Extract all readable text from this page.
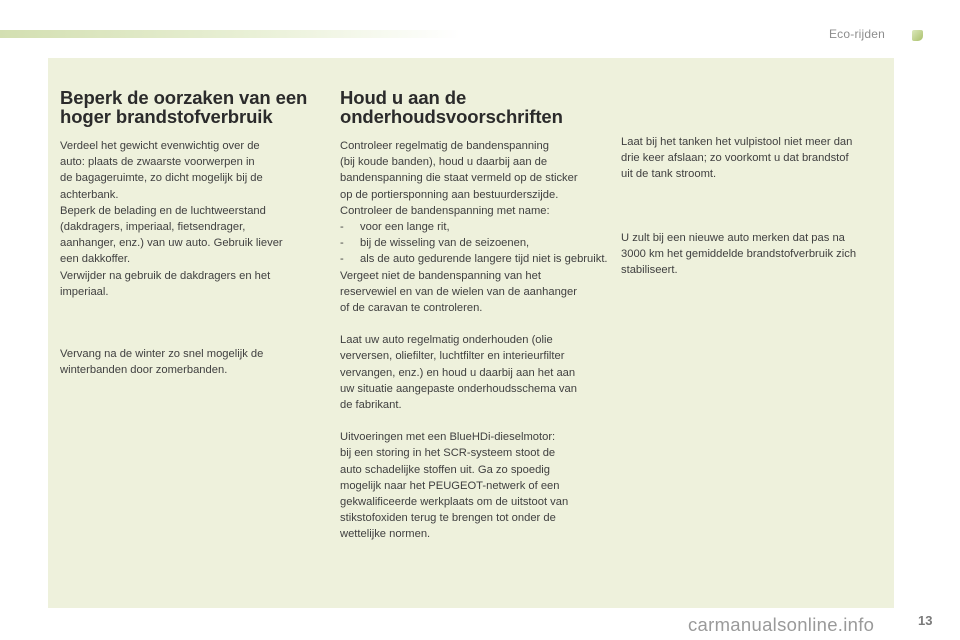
Eco-rijden
Beperk de oorzaken van een
hoger brandstofverbruik

Verdeel het gewicht evenwichtig over de
auto: plaats de zwaarste voorwerpen in
de bagageruimte, zo dicht mogelijk bij de
achterbank.
Beperk de belading en de luchtweerstand
(dakdragers, imperiaal, fietsendrager,
aanhanger, enz.) van uw auto. Gebruik liever
een dakkoffer.
Verwijder na gebruik de dakdragers en het
imperiaal.

Vervang na de winter zo snel mogelijk de
winterbanden door zomerbanden.

Houd u aan de
onderhoudsvoorschriften

Controleer regelmatig de bandenspanning
(bij koude banden), houd u daarbij aan de
bandenspanning die staat vermeld op de sticker
op de portiersponning aan bestuurderszijde.
Controleer de bandenspanning met name:

- voor een lange rit,
- bij de wisseling van de seizoenen,
- als de auto gedurende langere tijd niet is gebruikt.

Vergeet niet de bandenspanning van het
reservewiel en van de wielen van de aanhanger
of de caravan te controleren.

Laat uw auto regelmatig onderhouden (olie
verversen, oliefilter, luchtfilter en interieurfilter
vervangen, enz.) en houd u daarbij aan het aan
uw situatie aangepaste onderhoudsschema van
de fabrikant.

Uitvoeringen met een BlueHDi-dieselmotor:
bij een storing in het SCR-systeem stoot de
auto schadelijke stoffen uit. Ga zo spoedig
mogelijk naar het PEUGEOT-netwerk of een
gekwalificeerde werkplaats om de uitstoot van
stikstofoxiden terug te brengen tot onder de
wettelijke normen.

Laat bij het tanken het vulpistool niet meer dan
drie keer afslaan; zo voorkomt u dat brandstof
uit de tank stroomt.

U zult bij een nieuwe auto merken dat pas na
3000 km het gemiddelde brandstofverbruik zich
stabiliseert.

carmanualsonline.info	13
